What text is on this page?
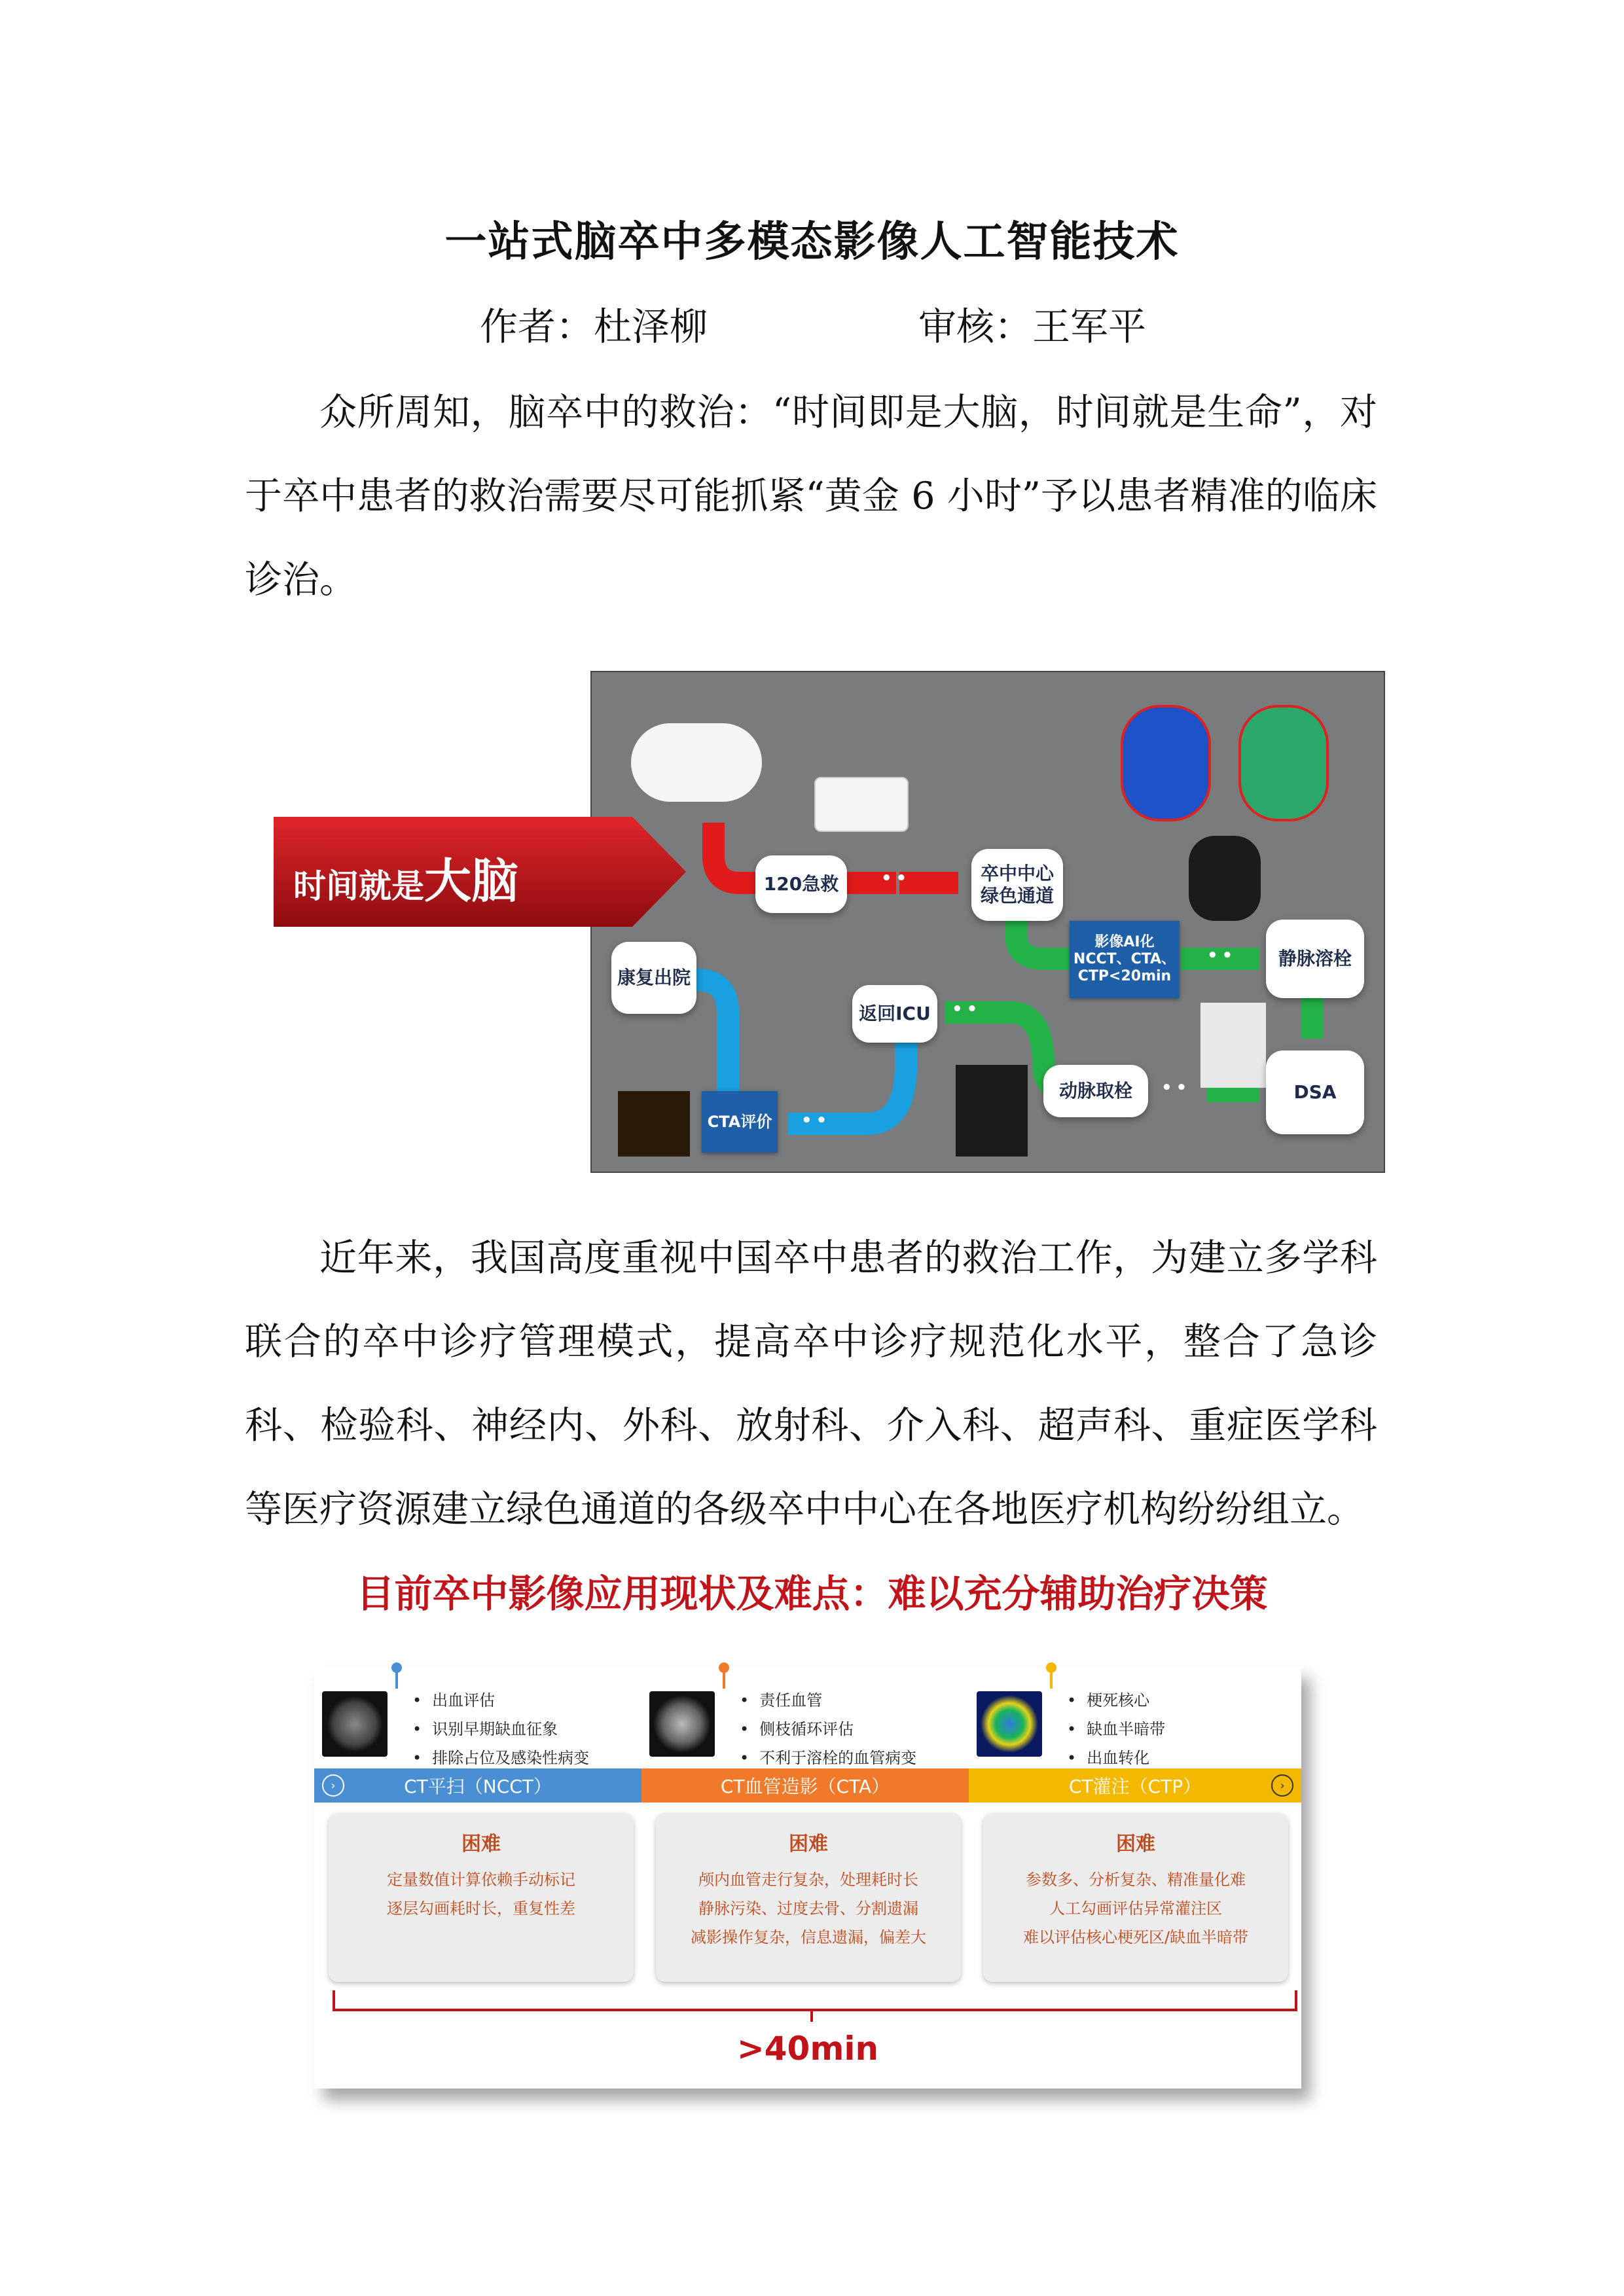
一站式脑卒中多模态影像人工智能技术
作者：杜泽柳	审核：王军平
众所周知，脑卒中的救治：“时间即是大脑，时间就是生命”，对于卒中患者的救治需要尽可能抓紧“黄金 6 小时”予以患者精准的临床诊治。
120急救	卒中中心
绿色通道
影像AI化
NCCT、CTA、
CTP<20min
静脉溶栓
DSA
动脉取栓
返回ICU
CTA评价
康复出院
••
••
••
••
••
时间就是大脑
近年来，我国高度重视中国卒中患者的救治工作，为建立多学科联合的卒中诊疗管理模式，提高卒中诊疗规范化水平，整合了急诊科、检验科、神经内、外科、放射科、介入科、超声科、重症医学科等医疗资源建立绿色通道的各级卒中中心在各地医疗机构纷纷组立。
目前卒中影像应用现状及难点：难以充分辅助治疗决策
• 出血评估
• 识别早期缺血征象
• 排除占位及感染性病变
›	CT平扫（NCCT）
困难
定量数值计算依赖手动标记
逐层勾画耗时长，重复性差
• 责任血管
• 侧枝循环评估
• 不利于溶栓的血管病变
CT血管造影（CTA）
困难
颅内血管走行复杂，处理耗时长
静脉污染、过度去骨、分割遗漏
减影操作复杂，信息遗漏，偏差大
• 梗死核心
• 缺血半暗带
• 出血转化
CT灌注（CTP）	›
困难
参数多、分析复杂、精准量化难
人工勾画评估异常灌注区
难以评估核心梗死区/缺血半暗带
>40min
